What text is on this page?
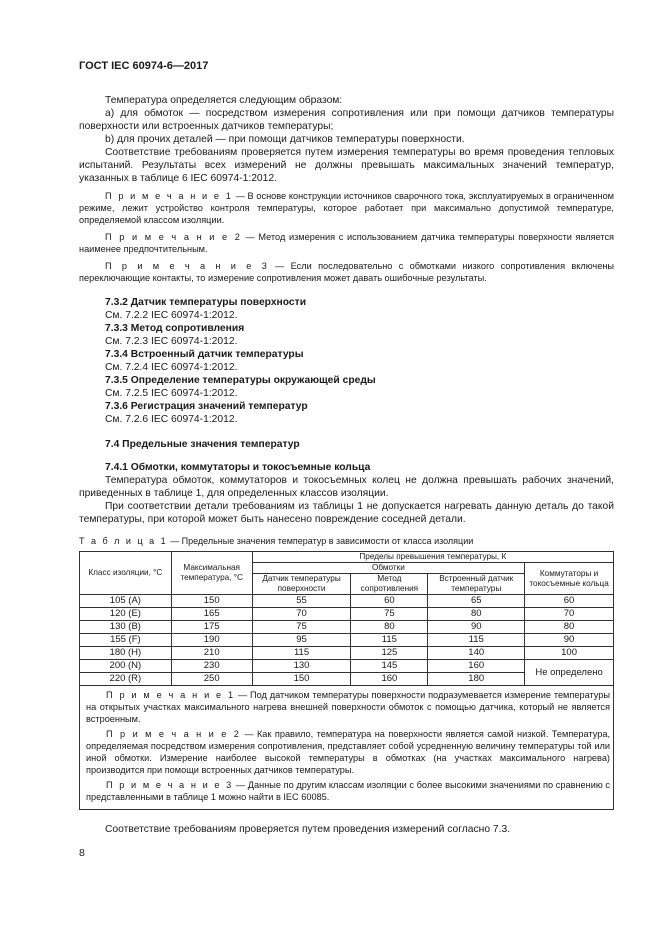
ГОСТ IEC 60974-6—2017

Температура определяется следующим образом:

а) для обмоток — посредством измерения сопротивления или при помощи датчиков температуры поверхности или встроенных датчиков температуры;

b) для прочих деталей — при помощи датчиков температуры поверхности.

Соответствие требованиям проверяется путем измерения температуры во время проведения тепловых испытаний. Результаты всех измерений не должны превышать максимальных значений температур, указанных в таблице 6 IEC 60974-1:2012.

П р и м е ч а н и е 1 — В основе конструкции источников сварочного тока, эксплуатируемых в ограниченном режиме, лежит устройство контроля температуры, которое работает при максимально допустимой температуре, определяемой классом изоляции.

П р и м е ч а н и е 2 — Метод измерения с использованием датчика температуры поверхности является наименее предпочтительным.

П р и м е ч а н и е 3 — Если последовательно с обмотками низкого сопротивления включены переключающие контакты, то измерение сопротивления может давать ошибочные результаты.

7.3.2 Датчик температуры поверхности

См. 7.2.2 IEC 60974-1:2012.

7.3.3 Метод сопротивления

См. 7.2.3 IEC 60974-1:2012.

7.3.4 Встроенный датчик температуры

См. 7.2.4 IEC 60974-1:2012.

7.3.5 Определение температуры окружающей среды

См. 7.2.5 IEC 60974-1:2012.

7.3.6 Регистрация значений температур

См. 7.2.6 IEC 60974-1:2012.

7.4 Предельные значения температур

7.4.1 Обмотки, коммутаторы и токосъемные кольца

Температура обмоток, коммутаторов и токосъемных колец не должна превышать рабочих значений, приведенных в таблице 1, для определенных классов изоляции.

При соответствии детали требованиям из таблицы 1 не допускается нагревать данную деталь до такой температуры, при которой может быть нанесено повреждение соседней детали.

Т а б л и ц а 1 — Предельные значения температур в зависимости от класса изоляции

Класс изоляции, °С	Максимальная температура, °С	Пределы превышения температуры, К			
		Обмотки			Коммутаторы и токосъемные кольца
		Датчик температуры поверхности	Метод сопротивления	Встроенный датчик температуры	
105 (A)	150	55	60	65	60
120 (E)	165	70	75	80	70
130 (B)	175	75	80	90	80
155 (F)	190	95	115	115	90
180 (H)	210	115	125	140	100
200 (N)	230	130	145	160	Не определено
220 (R)	250	150	160	180	

П р и м е ч а н и е 1 — Под датчиком температуры поверхности подразумевается измерение температуры на открытых участках максимального нагрева внешней поверхности обмоток с помощью датчика, который не является встроенным.

П р и м е ч а н и е 2 — Как правило, температура на поверхности является самой низкой. Температура, определяемая посредством измерения сопротивления, представляет собой усредненную величину температуры той или иной обмотки. Измерение наиболее высокой температуры в обмотках (на участках максимального нагрева) производится при помощи встроенных датчиков температуры.

П р и м е ч а н и е 3 — Данные по другим классам изоляции с более высокими значениями по сравнению с представленными в таблице 1 можно найти в IEC 60085.

Соответствие требованиям проверяется путем проведения измерений согласно 7.3.

8
